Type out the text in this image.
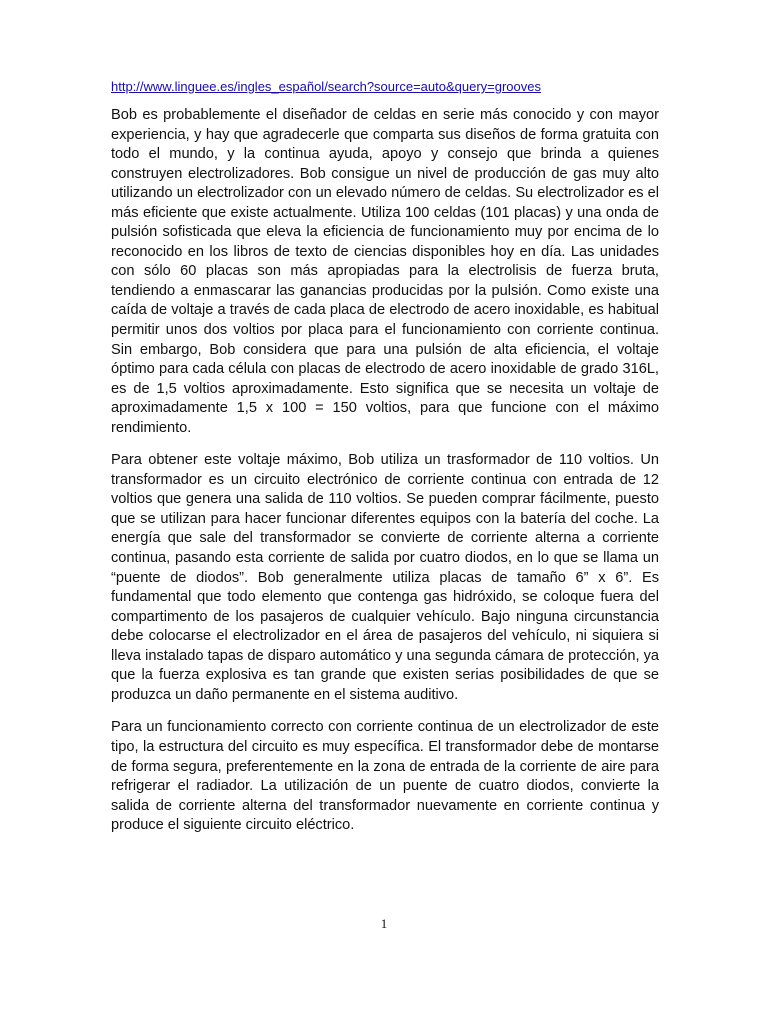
http://www.linguee.es/ingles_español/search?source=auto&query=grooves

Bob es probablemente el diseñador de celdas en serie más conocido y con mayor experiencia, y hay que agradecerle que comparta sus diseños de forma gratuita con todo el mundo, y la continua ayuda, apoyo y consejo que brinda a quienes construyen electrolizadores. Bob consigue un nivel de producción de gas muy alto utilizando un electrolizador con un elevado número de celdas. Su electrolizador es el más eficiente que existe actualmente. Utiliza 100 celdas (101 placas) y una onda de pulsión sofisticada que eleva la eficiencia de funcionamiento muy por encima de lo reconocido en los libros de texto de ciencias disponibles hoy en día. Las unidades con sólo 60 placas son más apropiadas para la electrolisis de fuerza bruta, tendiendo a enmascarar las ganancias producidas por la pulsión. Como existe una caída de voltaje a través de cada placa de electrodo de acero inoxidable, es habitual permitir unos dos voltios por placa para el funcionamiento con corriente continua. Sin embargo, Bob considera que para una pulsión de alta eficiencia, el voltaje óptimo para cada célula con placas de electrodo de acero inoxidable de grado 316L, es de 1,5 voltios aproximadamente. Esto significa que se necesita un voltaje de aproximadamente 1,5 x 100 = 150 voltios, para que funcione con el máximo rendimiento.

Para obtener este voltaje máximo, Bob utiliza un trasformador de 110 voltios. Un transformador es un circuito electrónico de corriente continua con entrada de 12 voltios que genera una salida de 110 voltios. Se pueden comprar fácilmente, puesto que se utilizan para hacer funcionar diferentes equipos con la batería del coche. La energía que sale del transformador se convierte de corriente alterna a corriente continua, pasando esta corriente de salida por cuatro diodos, en lo que se llama un “puente de diodos”. Bob generalmente utiliza placas de tamaño 6” x 6”. Es fundamental que todo elemento que contenga gas hidróxido, se coloque fuera del compartimento de los pasajeros de cualquier vehículo. Bajo ninguna circunstancia debe colocarse el electrolizador en el área de pasajeros del vehículo, ni siquiera si lleva instalado tapas de disparo automático y una segunda cámara de protección, ya que la fuerza explosiva es tan grande que existen serias posibilidades de que se produzca un daño permanente en el sistema auditivo.

Para un funcionamiento correcto con corriente continua de un electrolizador de este tipo, la estructura del circuito es muy específica. El transformador debe de montarse de forma segura, preferentemente en la zona de entrada de la corriente de aire para refrigerar el radiador. La utilización de un puente de cuatro diodos, convierte la salida de corriente alterna del transformador nuevamente en corriente continua y produce el siguiente circuito eléctrico.

1
